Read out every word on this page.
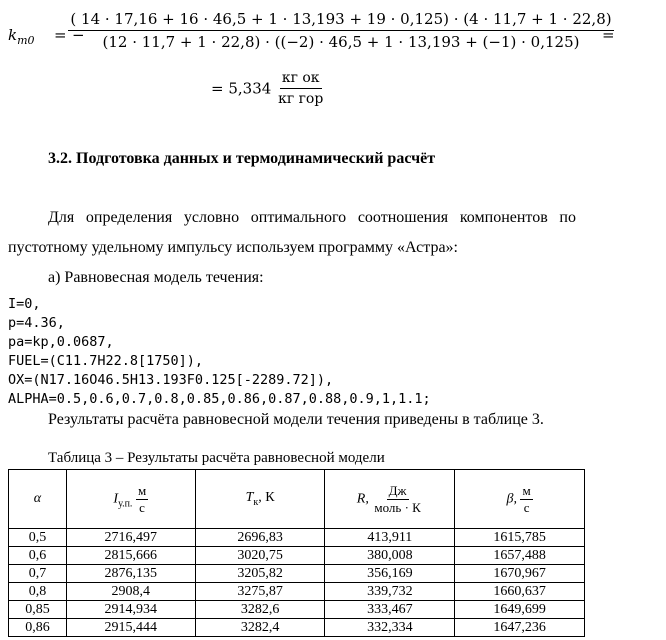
$k_{m0}$ = −
( 14 · 17,16 + 16 · 46,5 + 1 · 13,193 + 19 · 0,125) · (4 · 11,7 + 1 · 22,8)
(12 · 11,7 + 1 · 22,8) · ((−2) · 46,5 + 1 · 13,193 + (−1) · 0,125) =
= $5,334 \frac{\text{кг ок}}{\text{кг гор}}$
3.2. Подготовка данных и термодинамический расчёт
Для определения условно оптимального соотношения компонентов по
пустотному удельному импульсу используем программу «Астра»:
а) Равновесная модель течения:
I=0,
p=4.36,
pa=kp,0.0687,
FUEL=(C11.7H22.8[1750]),
OX=(N17.16O46.5H13.193F0.125[-2289.72]),
ALPHA=0.5,0.6,0.7,0.8,0.85,0.86,0.87,0.88,0.9,1,1.1;
Результаты расчёта равновесной модели течения приведены в таблице 3.
Таблица 3 – Результаты расчёта равновесной модели
α	$I_{у.п.}$
м
с	$T_к$, К	R,
Дж
моль · К	β,
м
с

0,5	2716,497	2696,83	413,911	1615,785
0,6	2815,666	3020,75	380,008	1657,488
0,7	2876,135	3205,82	356,169	1670,967
0,8	2908,4	3275,87	339,732	1660,637
0,85	2914,934	3282,6	333,467	1649,699
0,86	2915,444	3282,4	332,334	1647,236
